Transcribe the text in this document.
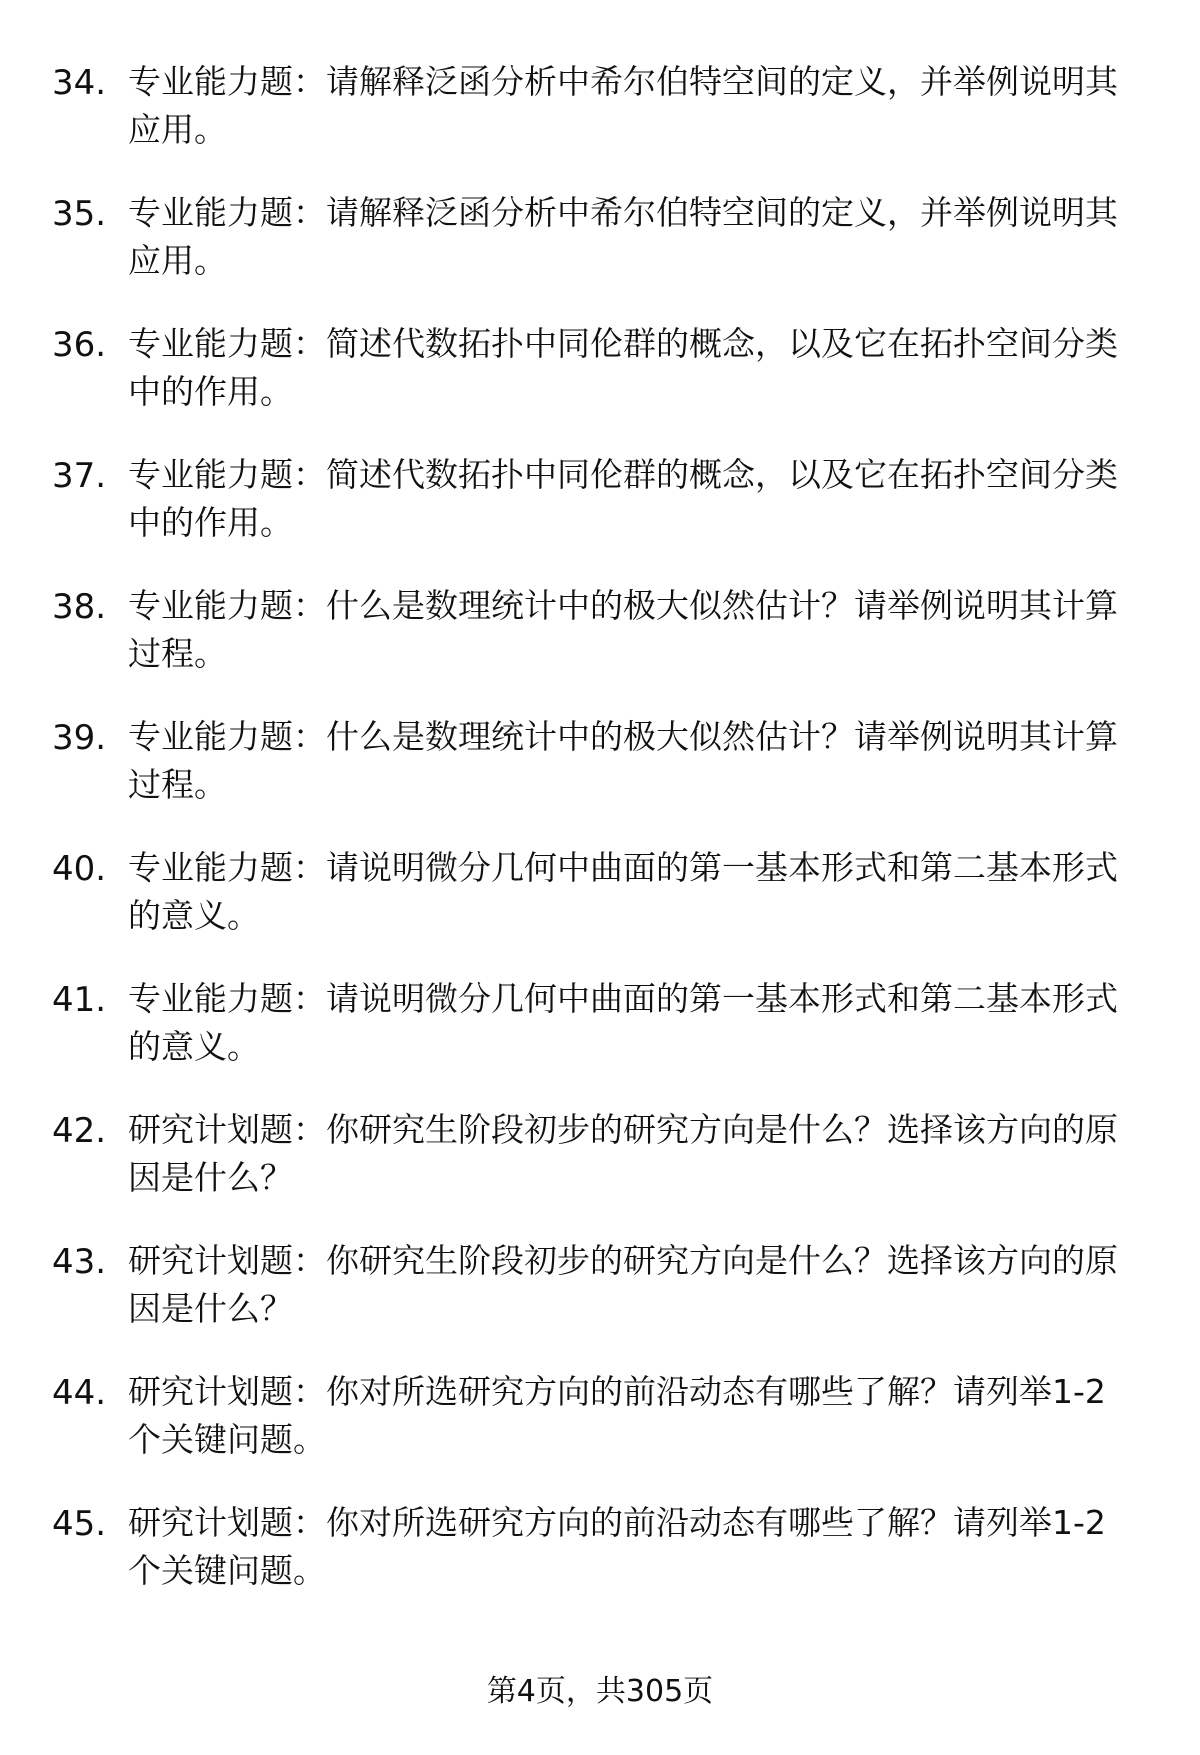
34. 专业能力题：请解释泛函分析中希尔伯特空间的定义，并举例说明其应用。
35. 专业能力题：请解释泛函分析中希尔伯特空间的定义，并举例说明其应用。
36. 专业能力题：简述代数拓扑中同伦群的概念，以及它在拓扑空间分类中的作用。
37. 专业能力题：简述代数拓扑中同伦群的概念，以及它在拓扑空间分类中的作用。
38. 专业能力题：什么是数理统计中的极大似然估计？请举例说明其计算过程。
39. 专业能力题：什么是数理统计中的极大似然估计？请举例说明其计算过程。
40. 专业能力题：请说明微分几何中曲面的第一基本形式和第二基本形式的意义。
41. 专业能力题：请说明微分几何中曲面的第一基本形式和第二基本形式的意义。
42. 研究计划题：你研究生阶段初步的研究方向是什么？选择该方向的原因是什么？
43. 研究计划题：你研究生阶段初步的研究方向是什么？选择该方向的原因是什么？
44. 研究计划题：你对所选研究方向的前沿动态有哪些了解？请列举1-2个关键问题。
45. 研究计划题：你对所选研究方向的前沿动态有哪些了解？请列举1-2个关键问题。
第4页，共305页
